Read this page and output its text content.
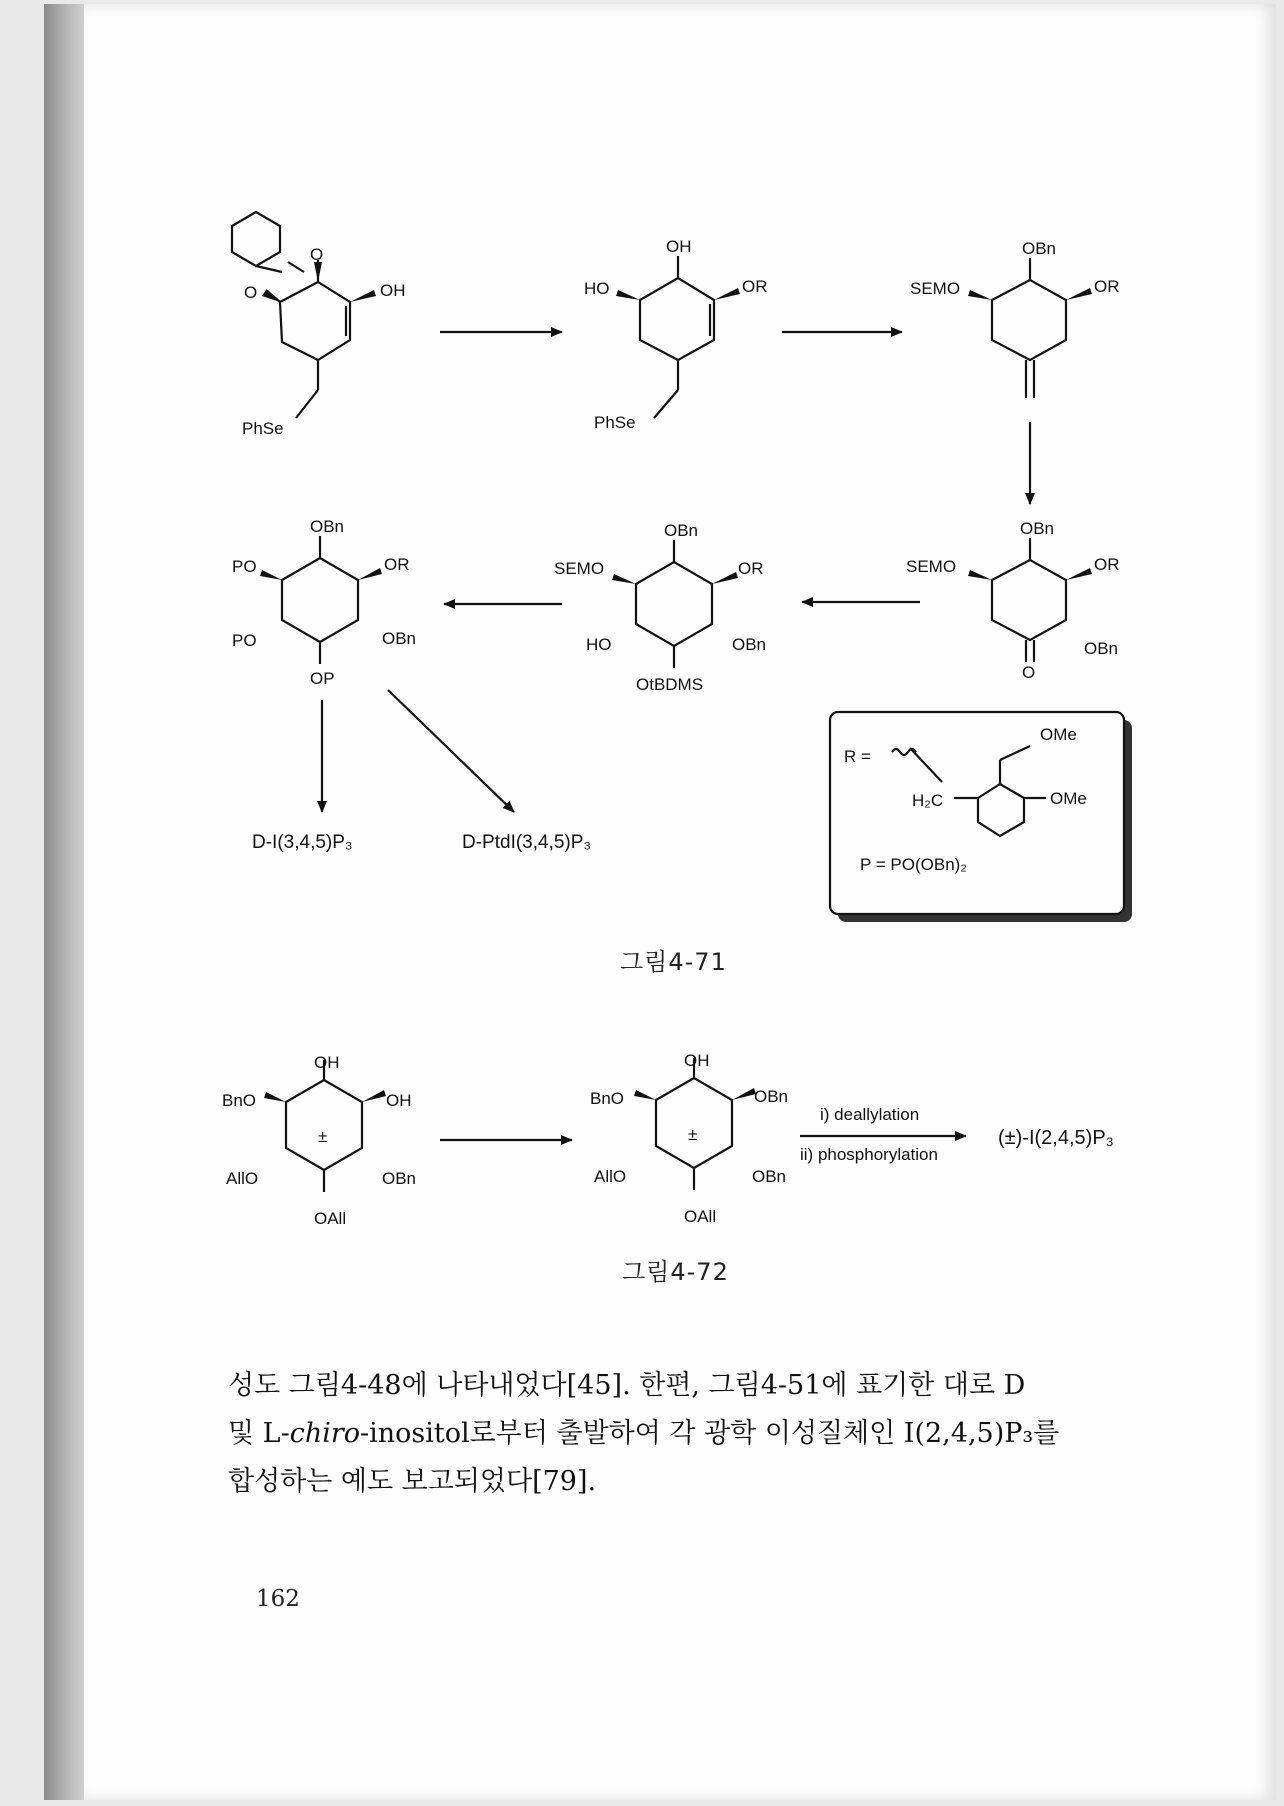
O
O	OH
PhSe
OH
HO	OR
PhSe
OBn
SEMO	OR
OBn
SEMO	OR
OBn
O
OBn
SEMO	OR
HO	OBn
OtBDMS
OBn
PO	OR
PO	OBn
OP
D-I(3,4,5)P₃	D-PtdI(3,4,5)P₃
R =
OMe
OMe
H₂C
P = PO(OBn)₂
OH
BnO	OH
AllO	OBn
OAll
±
OH
BnO	OBn
AllO	OBn
OAll
±
i) deallylation
ii) phosphorylation
(±)-I(2,4,5)P₃
그림4-71
그림4-72

성도 그림4-48에 나타내었다[45]. 한편, 그림4-51에 표기한 대로 D
및 L-chiro-inositol로부터 출발하여 각 광학 이성질체인 I(2,4,5)P₃를
합성하는 예도 보고되었다[79].

162
